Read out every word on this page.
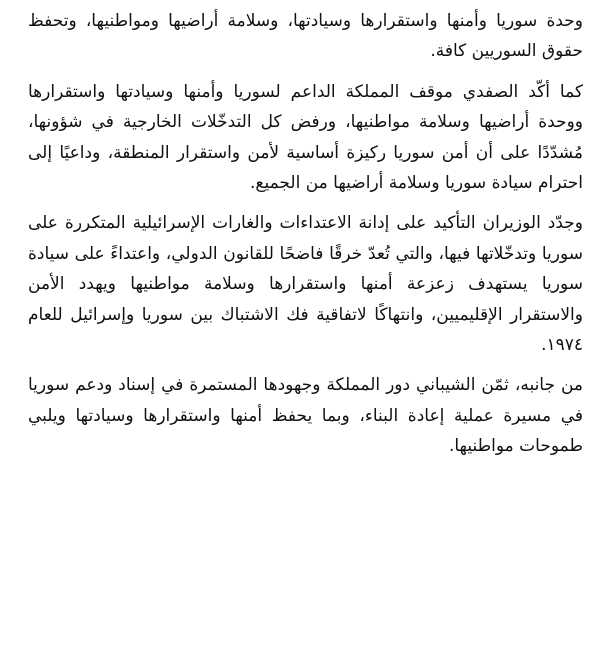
وحدة سوريا وأمنها واستقرارها وسيادتها، وسلامة أراضيها ومواطنيها، وتحفظ حقوق السوريين كافة.

كما أكّد الصفدي موقف المملكة الداعم لسوريا وأمنها وسيادتها واستقرارها ووحدة أراضيها وسلامة مواطنيها، ورفض كل التدخّلات الخارجية في شؤونها، مُشدّدًا على أن أمن سوريا ركيزة أساسية لأمن واستقرار المنطقة، وداعيًا إلى احترام سيادة سوريا وسلامة أراضيها من الجميع.

وجدّد الوزيران التأكيد على إدانة الاعتداءات والغارات الإسرائيلية المتكررة على سوريا وتدخّلاتها فيها، والتي تُعدّ خرقًا فاضحًا للقانون الدولي، واعتداءً على سيادة سوريا يستهدف زعزعة أمنها واستقرارها وسلامة مواطنيها ويهدد الأمن والاستقرار الإقليميين، وانتهاكًا لاتفاقية فك الاشتباك بين سوريا وإسرائيل للعام ١٩٧٤.

من جانبه، ثمّن الشيباني دور المملكة وجهودها المستمرة في إسناد ودعم سوريا في مسيرة عملية إعادة البناء، وبما يحفظ أمنها واستقرارها وسيادتها ويلبي طموحات مواطنيها.
